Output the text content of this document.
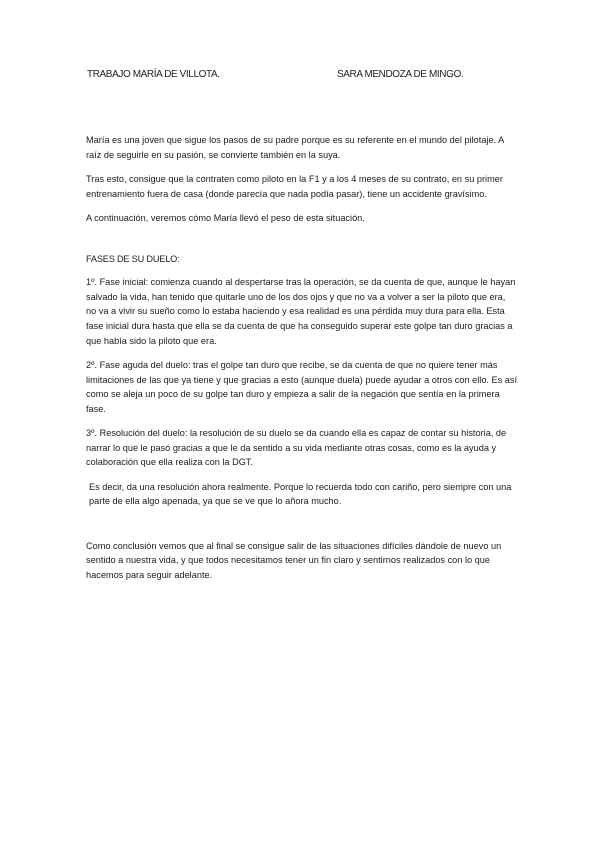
TRABAJO MARÍA DE VILLOTA.	SARA MENDOZA DE MINGO.

María es una joven que sigue los pasos de su padre porque es su referente en el mundo del pilotaje. A raíz de seguirle en su pasión, se convierte también en la suya.

Tras esto, consigue que la contraten como piloto en la F1 y a los 4 meses de su contrato, en su primer entrenamiento fuera de casa (donde parecía que nada podía pasar), tiene un accidente gravísimo.

A continuación, veremos cómo María llevó el peso de esta situación.

FASES DE SU DUELO:

1º. Fase inicial: comienza cuando al despertarse tras la operación, se da cuenta de que, aunque le hayan salvado la vida, han tenido que quitarle uno de los dos ojos y que no va a volver a ser la piloto que era, no va a vivir su sueño como lo estaba haciendo y esa realidad es una pérdida muy dura para ella. Esta fase inicial dura hasta que ella se da cuenta de que ha conseguido superar este golpe tan duro gracias a que había sido la piloto que era.

2º. Fase aguda del duelo: tras el golpe tan duro que recibe, se da cuenta de que no quiere tener más limitaciones de las que ya tiene y que gracias a esto (aunque duela) puede ayudar a otros con ello. Es así como se aleja un poco de su golpe tan duro y empieza a salir de la negación que sentía en la primera fase.

3º. Resolución del duelo: la resolución de su duelo se da cuando ella es capaz de contar su historia, de narrar lo que le pasó gracias a que le da sentido a su vida mediante otras cosas, como es la ayuda y colaboración que ella realiza con la DGT.

Es decir, da una resolución ahora realmente. Porque lo recuerda todo con cariño, pero siempre con una parte de ella algo apenada, ya que se ve que lo añora mucho.

Como conclusión vemos que al final se consigue salir de las situaciones difíciles dándole de nuevo un sentido a nuestra vida, y que todos necesitamos tener un fin claro y sentirnos realizados con lo que hacemos para seguir adelante.
